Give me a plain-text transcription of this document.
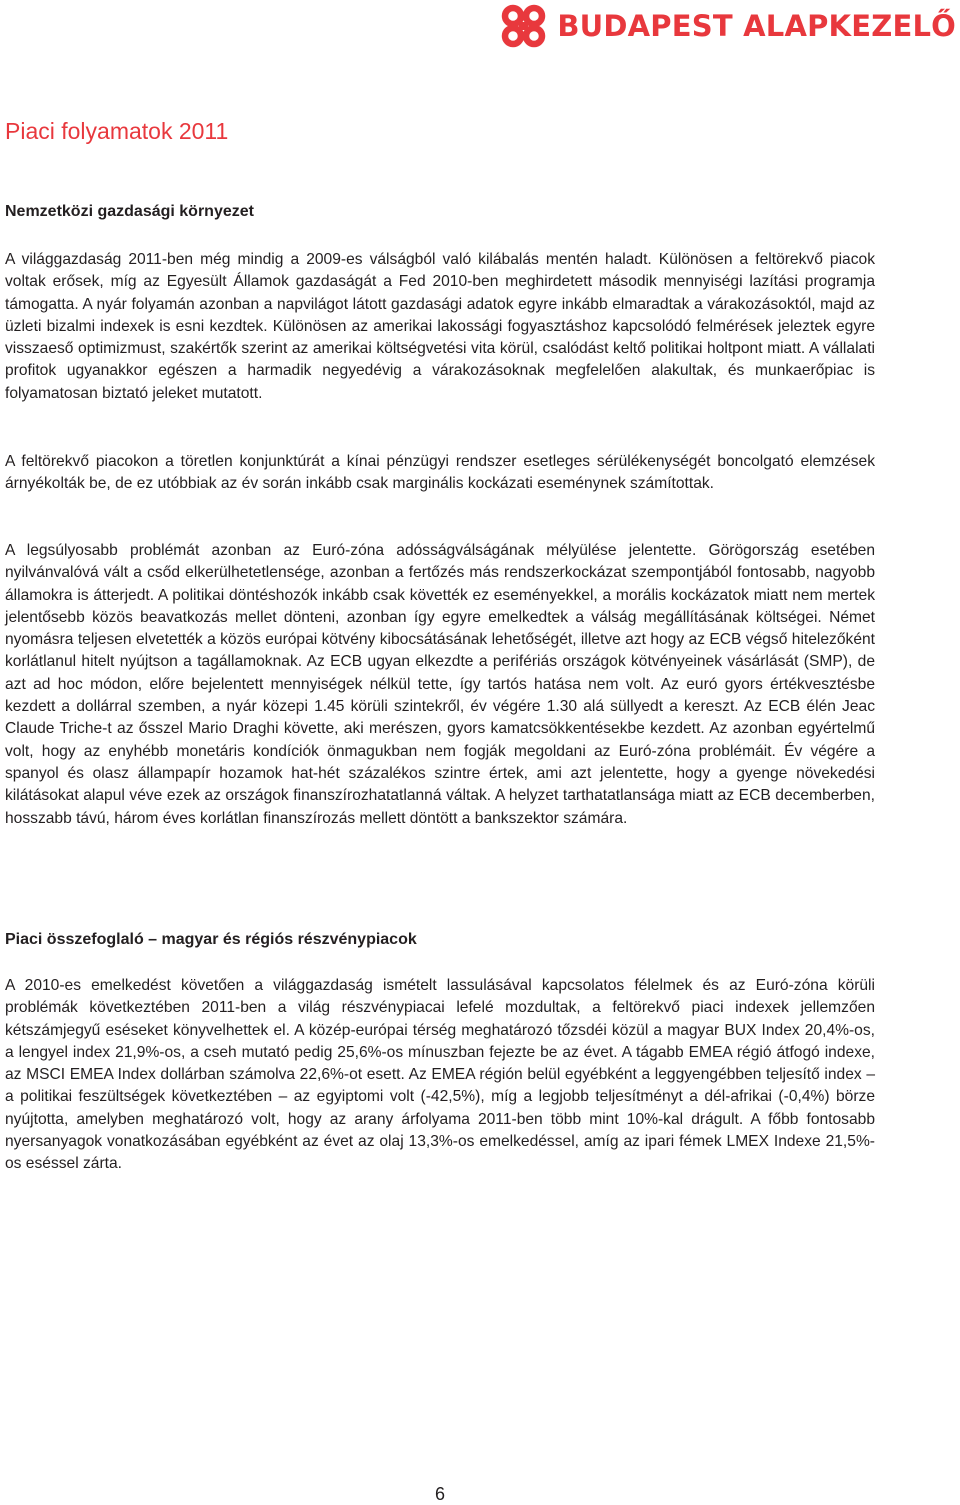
BUDAPEST ALAPKEZELŐ
Piaci folyamatok 2011
Nemzetközi gazdasági környezet

A világgazdaság 2011-ben még mindig a 2009-es válságból való kilábalás mentén haladt. Különösen a feltörekvő piacok voltak erősek, míg az Egyesült Államok gazdaságát a Fed 2010-ben meghirdetett második mennyiségi lazítási programja támogatta. A nyár folyamán azonban a napvilágot látott gazdasági adatok egyre inkább elmaradtak a várakozásoktól, majd az üzleti bizalmi indexek is esni kezdtek. Különösen az amerikai lakossági fogyasztáshoz kapcsolódó felmérések jeleztek egyre visszaeső optimizmust, szakértők szerint az amerikai költségvetési vita körül, csalódást keltő politikai holtpont miatt. A vállalati profitok ugyanakkor egészen a harmadik negyedévig a várakozásoknak megfelelően alakultak, és munkaerőpiac is folyamatosan biztató jeleket mutatott.

A feltörekvő piacokon a töretlen konjunktúrát a kínai pénzügyi rendszer esetleges sérülékenységét boncolgató elemzések árnyékolták be, de ez utóbbiak az év során inkább csak marginális kockázati eseménynek számítottak.

A legsúlyosabb problémát azonban az Euró-zóna adósságválságának mélyülése jelentette. Görögország esetében nyilvánvalóvá vált a csőd elkerülhetetlensége, azonban a fertőzés más rendszerkockázat szempontjából fontosabb, nagyobb államokra is átterjedt. A politikai döntéshozók inkább csak követték ez eseményekkel, a morális kockázatok miatt nem mertek jelentősebb közös beavatkozás mellet dönteni, azonban így egyre emelkedtek a válság megállításának költségei. Német nyomásra teljesen elvetették a közös európai kötvény kibocsátásának lehetőségét, illetve azt hogy az ECB végső hitelezőként korlátlanul hitelt nyújtson a tagállamoknak. Az ECB ugyan elkezdte a perifériás országok kötvényeinek vásárlását (SMP), de azt ad hoc módon, előre bejelentett mennyiségek nélkül tette, így tartós hatása nem volt. Az euró gyors értékvesztésbe kezdett a dollárral szemben, a nyár közepi 1.45 körüli szintekről, év végére 1.30 alá süllyedt a kereszt. Az ECB élén Jeac Claude Triche-t az ősszel Mario Draghi követte, aki merészen, gyors kamatcsökkentésekbe kezdett. Az azonban egyértelmű volt, hogy az enyhébb monetáris kondíciók önmagukban nem fogják megoldani az Euró-zóna problémáit. Év végére a spanyol és olasz állampapír hozamok hat-hét százalékos szintre értek, ami azt jelentette, hogy a gyenge növekedési kilátásokat alapul véve ezek az országok finanszírozhatatlanná váltak. A helyzet tarthatatlansága miatt az ECB decemberben, hosszabb távú, három éves korlátlan finanszírozás mellett döntött a bankszektor számára.

Piaci összefoglaló – magyar és régiós részvénypiacok

A 2010-es emelkedést követően a világgazdaság ismételt lassulásával kapcsolatos félelmek és az Euró-zóna körüli problémák következtében 2011-ben a világ részvénypiacai lefelé mozdultak, a feltörekvő piaci indexek jellemzően kétszámjegyű eséseket könyvelhettek el. A közép-európai térség meghatározó tőzsdéi közül a magyar BUX Index 20,4%-os, a lengyel index 21,9%-os, a cseh mutató pedig 25,6%-os mínuszban fejezte be az évet. A tágabb EMEA régió átfogó indexe, az MSCI EMEA Index dollárban számolva 22,6%-ot esett. Az EMEA régión belül egyébként a leggyengébben teljesítő index – a politikai feszültségek következtében – az egyiptomi volt (-42,5%), míg a legjobb teljesítményt a dél-afrikai (-0,4%) börze nyújtotta, amelyben meghatározó volt, hogy az arany árfolyama 2011-ben több mint 10%-kal drágult. A főbb fontosabb nyersanyagok vonatkozásában egyébként az évet az olaj 13,3%-os emelkedéssel, amíg az ipari fémek LMEX Indexe 21,5%-os eséssel zárta.

6
